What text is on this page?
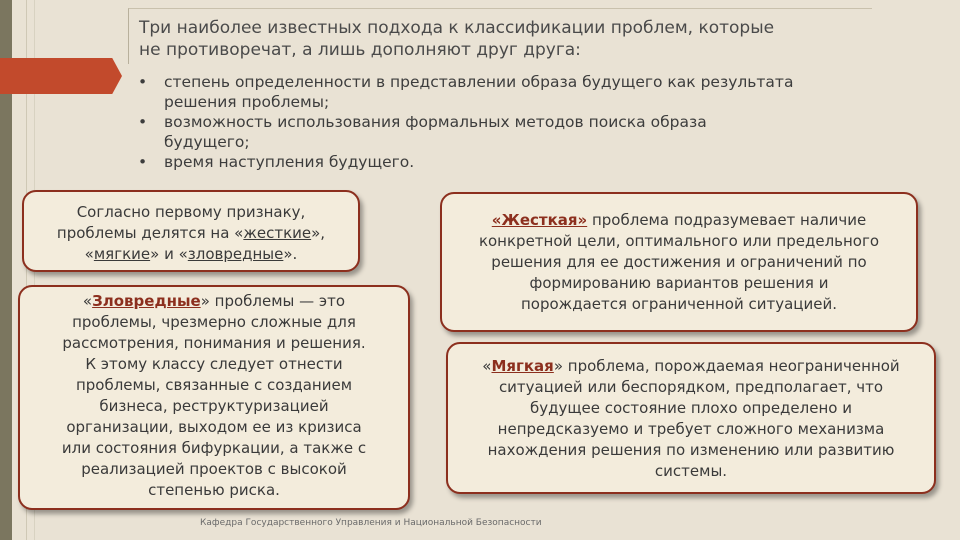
Три наиболее известных подхода к классификации проблем, которые
не противоречат, а лишь дополняют друг друга:
• степень определенности в представлении образа будущего как результата
решения проблемы;
• возможность использования формальных методов поиска образа
будущего;
• время наступления будущего.
Согласно первому признаку,
проблемы делятся на «жесткие»,
«мягкие» и «зловредные».
«Зловредные» проблемы — это
проблемы, чрезмерно сложные для
рассмотрения, понимания и решения.
К этому классу следует отнести
проблемы, связанные с созданием
бизнеса, реструктуризацией
организации, выходом ее из кризиса
или состояния бифуркации, а также с
реализацией проектов с высокой
степенью риска.
«Жесткая» проблема подразумевает наличие
конкретной цели, оптимального или предельного
решения для ее достижения и ограничений по
формированию вариантов решения и
порождается ограниченной ситуацией.
«Мягкая» проблема, порождаемая неограниченной
ситуацией или беспорядком, предполагает, что
будущее состояние плохо определено и
непредсказуемо и требует сложного механизма
нахождения решения по изменению или развитию
системы.
Кафедра Государственного Управления и Национальной Безопасности
